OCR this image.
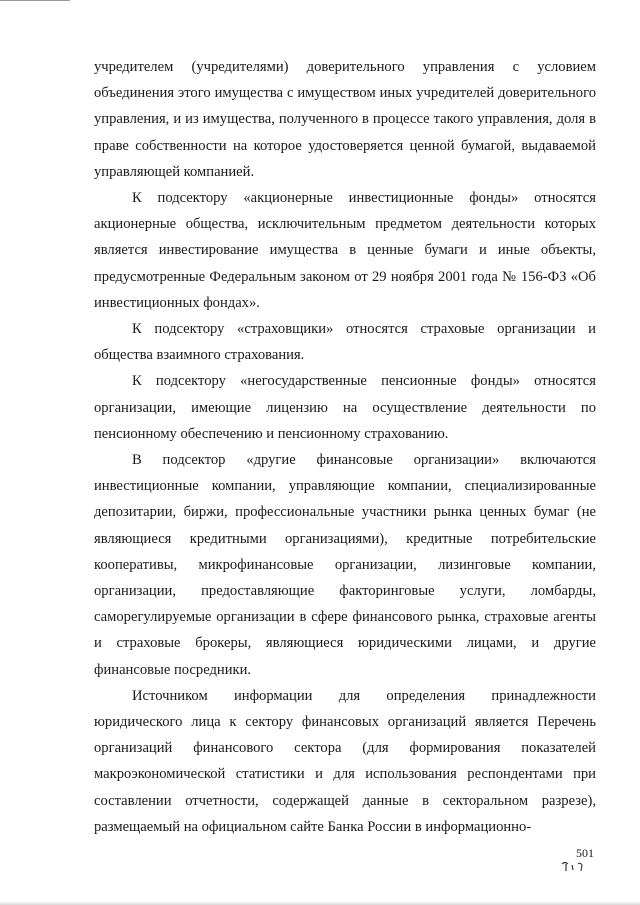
учредителем (учредителями) доверительного управления с условием объединения этого имущества с имуществом иных учредителей доверительного управления, и из имущества, полученного в процессе такого управления, доля в праве собственности на которое удостоверяется ценной бумагой, выдаваемой управляющей компанией.

К подсектору «акционерные инвестиционные фонды» относятся акционерные общества, исключительным предметом деятельности которых является инвестирование имущества в ценные бумаги и иные объекты, предусмотренные Федеральным законом от 29 ноября 2001 года № 156-ФЗ «Об инвестиционных фондах».

К подсектору «страховщики» относятся страховые организации и общества взаимного страхования.

К подсектору «негосударственные пенсионные фонды» относятся организации, имеющие лицензию на осуществление деятельности по пенсионному обеспечению и пенсионному страхованию.

В подсектор «другие финансовые организации» включаются инвестиционные компании, управляющие компании, специализированные депозитарии, биржи, профессиональные участники рынка ценных бумаг (не являющиеся кредитными организациями), кредитные потребительские кооперативы, микрофинансовые организации, лизинговые компании, организации, предоставляющие факторинговые услуги, ломбарды, саморегулируемые организации в сфере финансового рынка, страховые агенты и страховые брокеры, являющиеся юридическими лицами, и другие финансовые посредники.

Источником информации для определения принадлежности юридического лица к сектору финансовых организаций является Перечень организаций финансового сектора (для формирования показателей макроэкономической статистики и для использования респондентами при составлении отчетности, содержащей данные в секторальном разрезе), размещаемый на официальном сайте Банка России в информационно-

501
